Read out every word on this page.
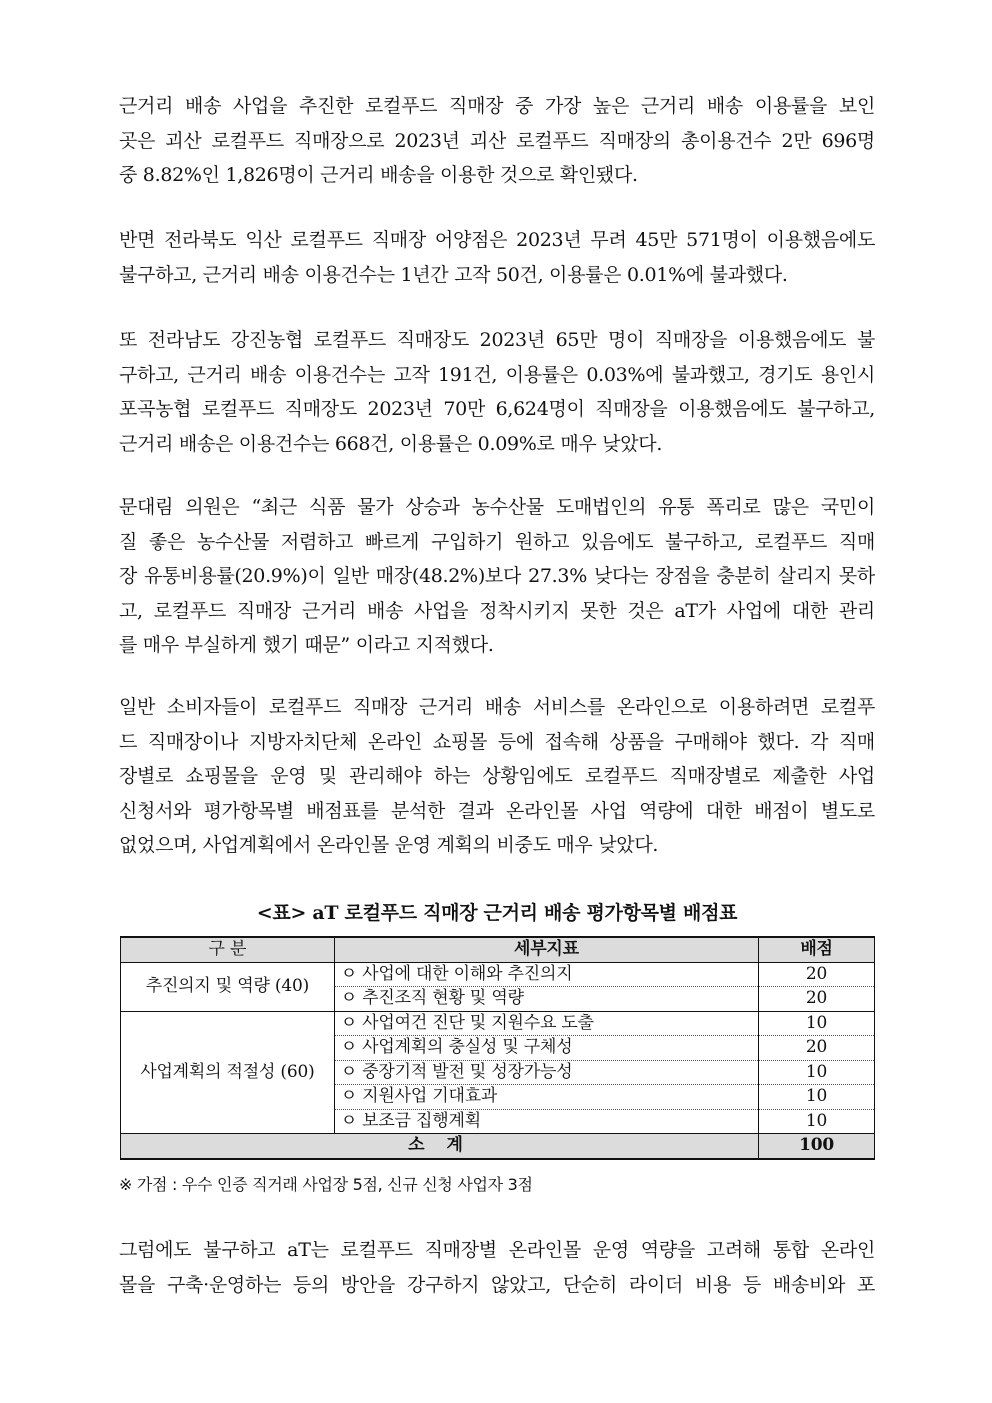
근거리 배송 사업을 추진한 로컬푸드 직매장 중 가장 높은 근거리 배송 이용률을 보인
곳은 괴산 로컬푸드 직매장으로 2023년 괴산 로컬푸드 직매장의 총이용건수 2만 696명
중 8.82%인 1,826명이 근거리 배송을 이용한 것으로 확인됐다.
반면 전라북도 익산 로컬푸드 직매장 어양점은 2023년 무려 45만 571명이 이용했음에도
불구하고, 근거리 배송 이용건수는 1년간 고작 50건, 이용률은 0.01%에 불과했다.
또 전라남도 강진농협 로컬푸드 직매장도 2023년 65만 명이 직매장을 이용했음에도 불
구하고, 근거리 배송 이용건수는 고작 191건, 이용률은 0.03%에 불과했고, 경기도 용인시
포곡농협 로컬푸드 직매장도 2023년 70만 6,624명이 직매장을 이용했음에도 불구하고,
근거리 배송은 이용건수는 668건, 이용률은 0.09%로 매우 낮았다.
문대림 의원은 “최근 식품 물가 상승과 농수산물 도매법인의 유통 폭리로 많은 국민이
질 좋은 농수산물 저렴하고 빠르게 구입하기 원하고 있음에도 불구하고, 로컬푸드 직매
장 유통비용률(20.9%)이 일반 매장(48.2%)보다 27.3% 낮다는 장점을 충분히 살리지 못하
고, 로컬푸드 직매장 근거리 배송 사업을 정착시키지 못한 것은 aT가 사업에 대한 관리
를 매우 부실하게 했기 때문” 이라고 지적했다.
일반 소비자들이 로컬푸드 직매장 근거리 배송 서비스를 온라인으로 이용하려면 로컬푸
드 직매장이나 지방자치단체 온라인 쇼핑몰 등에 접속해 상품을 구매해야 했다. 각 직매
장별로 쇼핑몰을 운영 및 관리해야 하는 상황임에도 로컬푸드 직매장별로 제출한 사업
신청서와 평가항목별 배점표를 분석한 결과 온라인몰 사업 역량에 대한 배점이 별도로
없었으며, 사업계획에서 온라인몰 운영 계획의 비중도 매우 낮았다.
<표> aT 로컬푸드 직매장 근거리 배송 평가항목별 배점표
구 분	세부지표	배점
추진의지 및 역량 (40)	ㅇ 사업에 대한 이해와 추진의지	20
	ㅇ 추진조직 현황 및 역량	20
사업계획의 적절성 (60)	ㅇ 사업여건 진단 및 지원수요 도출	10
	ㅇ 사업계획의 충실성 및 구체성	20
	ㅇ 중장기적 발전 및 성장가능성	10
	ㅇ 지원사업 기대효과	10
	ㅇ 보조금 집행계획	10
소 계		100
※ 가점 : 우수 인증 직거래 사업장 5점, 신규 신청 사업자 3점
그럼에도 불구하고 aT는 로컬푸드 직매장별 온라인몰 운영 역량을 고려해 통합 온라인
몰을 구축·운영하는 등의 방안을 강구하지 않았고, 단순히 라이더 비용 등 배송비와 포
